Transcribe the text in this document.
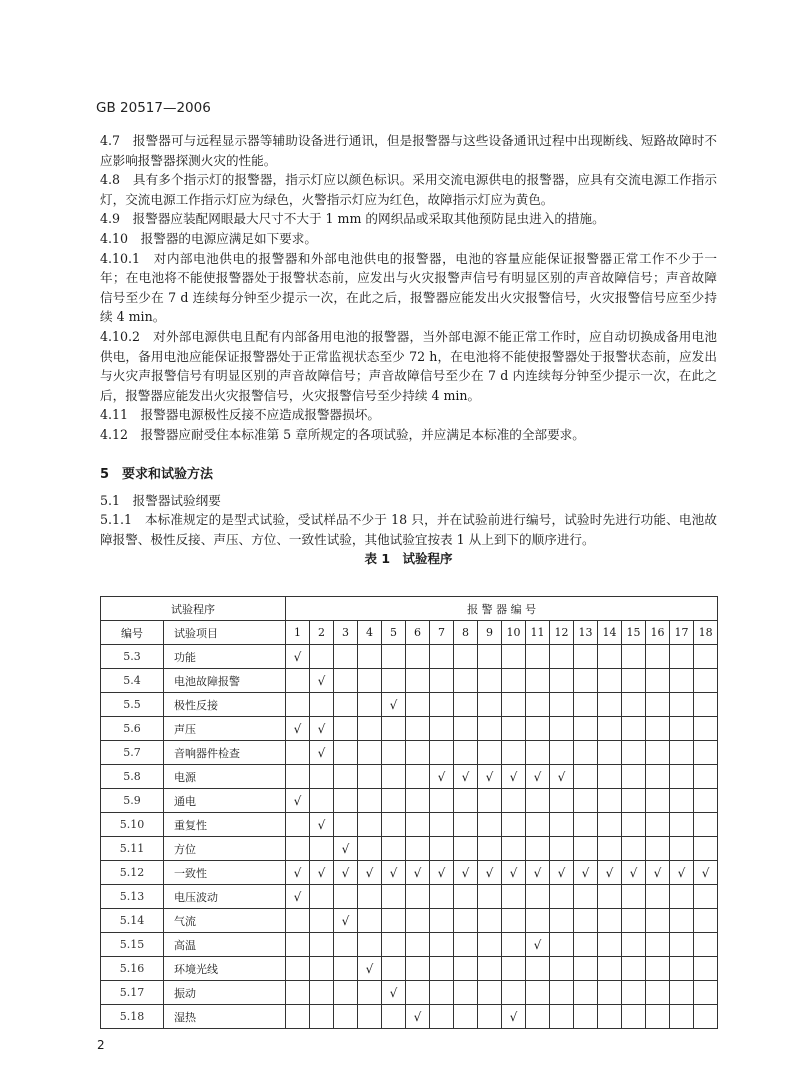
GB 20517—2006

4.7　 报警器可与远程显示器等辅助设备进行通讯，但是报警器与这些设备通讯过程中出现断线、短路故障时不应影响报警器探测火灾的性能。

4.8　 具有多个指示灯的报警器，指示灯应以颜色标识。采用交流电源供电的报警器，应具有交流电源工作指示灯，交流电源工作指示灯应为绿色，火警指示灯应为红色，故障指示灯应为黄色。

4.9　 报警器应装配网眼最大尺寸不大于 1 mm 的网织品或采取其他预防昆虫进入的措施。

4.10　 报警器的电源应满足如下要求。

4.10.1　 对内部电池供电的报警器和外部电池供电的报警器，电池的容量应能保证报警器正常工作不少于一年；在电池将不能使报警器处于报警状态前，应发出与火灾报警声信号有明显区别的声音故障信号；声音故障信号至少在 7 d 连续每分钟至少提示一次，在此之后，报警器应能发出火灾报警信号，火灾报警信号应至少持续 4 min。

4.10.2　 对外部电源供电且配有内部备用电池的报警器，当外部电源不能正常工作时，应自动切换成备用电池供电，备用电池应能保证报警器处于正常监视状态至少 72 h，在电池将不能使报警器处于报警状态前，应发出与火灾声报警信号有明显区别的声音故障信号；声音故障信号至少在 7 d 内连续每分钟至少提示一次，在此之后，报警器应能发出火灾报警信号，火灾报警信号至少持续 4 min。

4.11　 报警器电源极性反接不应造成报警器损坏。

4.12　 报警器应耐受住本标准第 5 章所规定的各项试验，并应满足本标准的全部要求。

5　要求和试验方法

5.1　 报警器试验纲要

5.1.1　 本标准规定的是型式试验，受试样品不少于 18 只，并在试验前进行编号，试验时先进行功能、电池故障报警、极性反接、声压、方位、一致性试验，其他试验宜按表 1 从上到下的顺序进行。

表 1　试验程序
试验程序		报 警 器 编 号																	
编号	试验项目	1	2	3	4	5	6	7	8	9	10	11	12	13	14	15	16	17	18
5.3	功能	√																	
5.4	电池故障报警		√																
5.5	极性反接					√													
5.6	声压	√	√																
5.7	音响器件检查		√																
5.8	电源							√	√	√	√	√	√						
5.9	通电	√																	
5.10	重复性		√																
5.11	方位			√															
5.12	一致性	√	√	√	√	√	√	√	√	√	√	√	√	√	√	√	√	√	√
5.13	电压波动	√																	
5.14	气流			√															
5.15	高温											√							
5.16	环境光线				√														
5.17	振动					√													
5.18	湿热						√				√								
2
